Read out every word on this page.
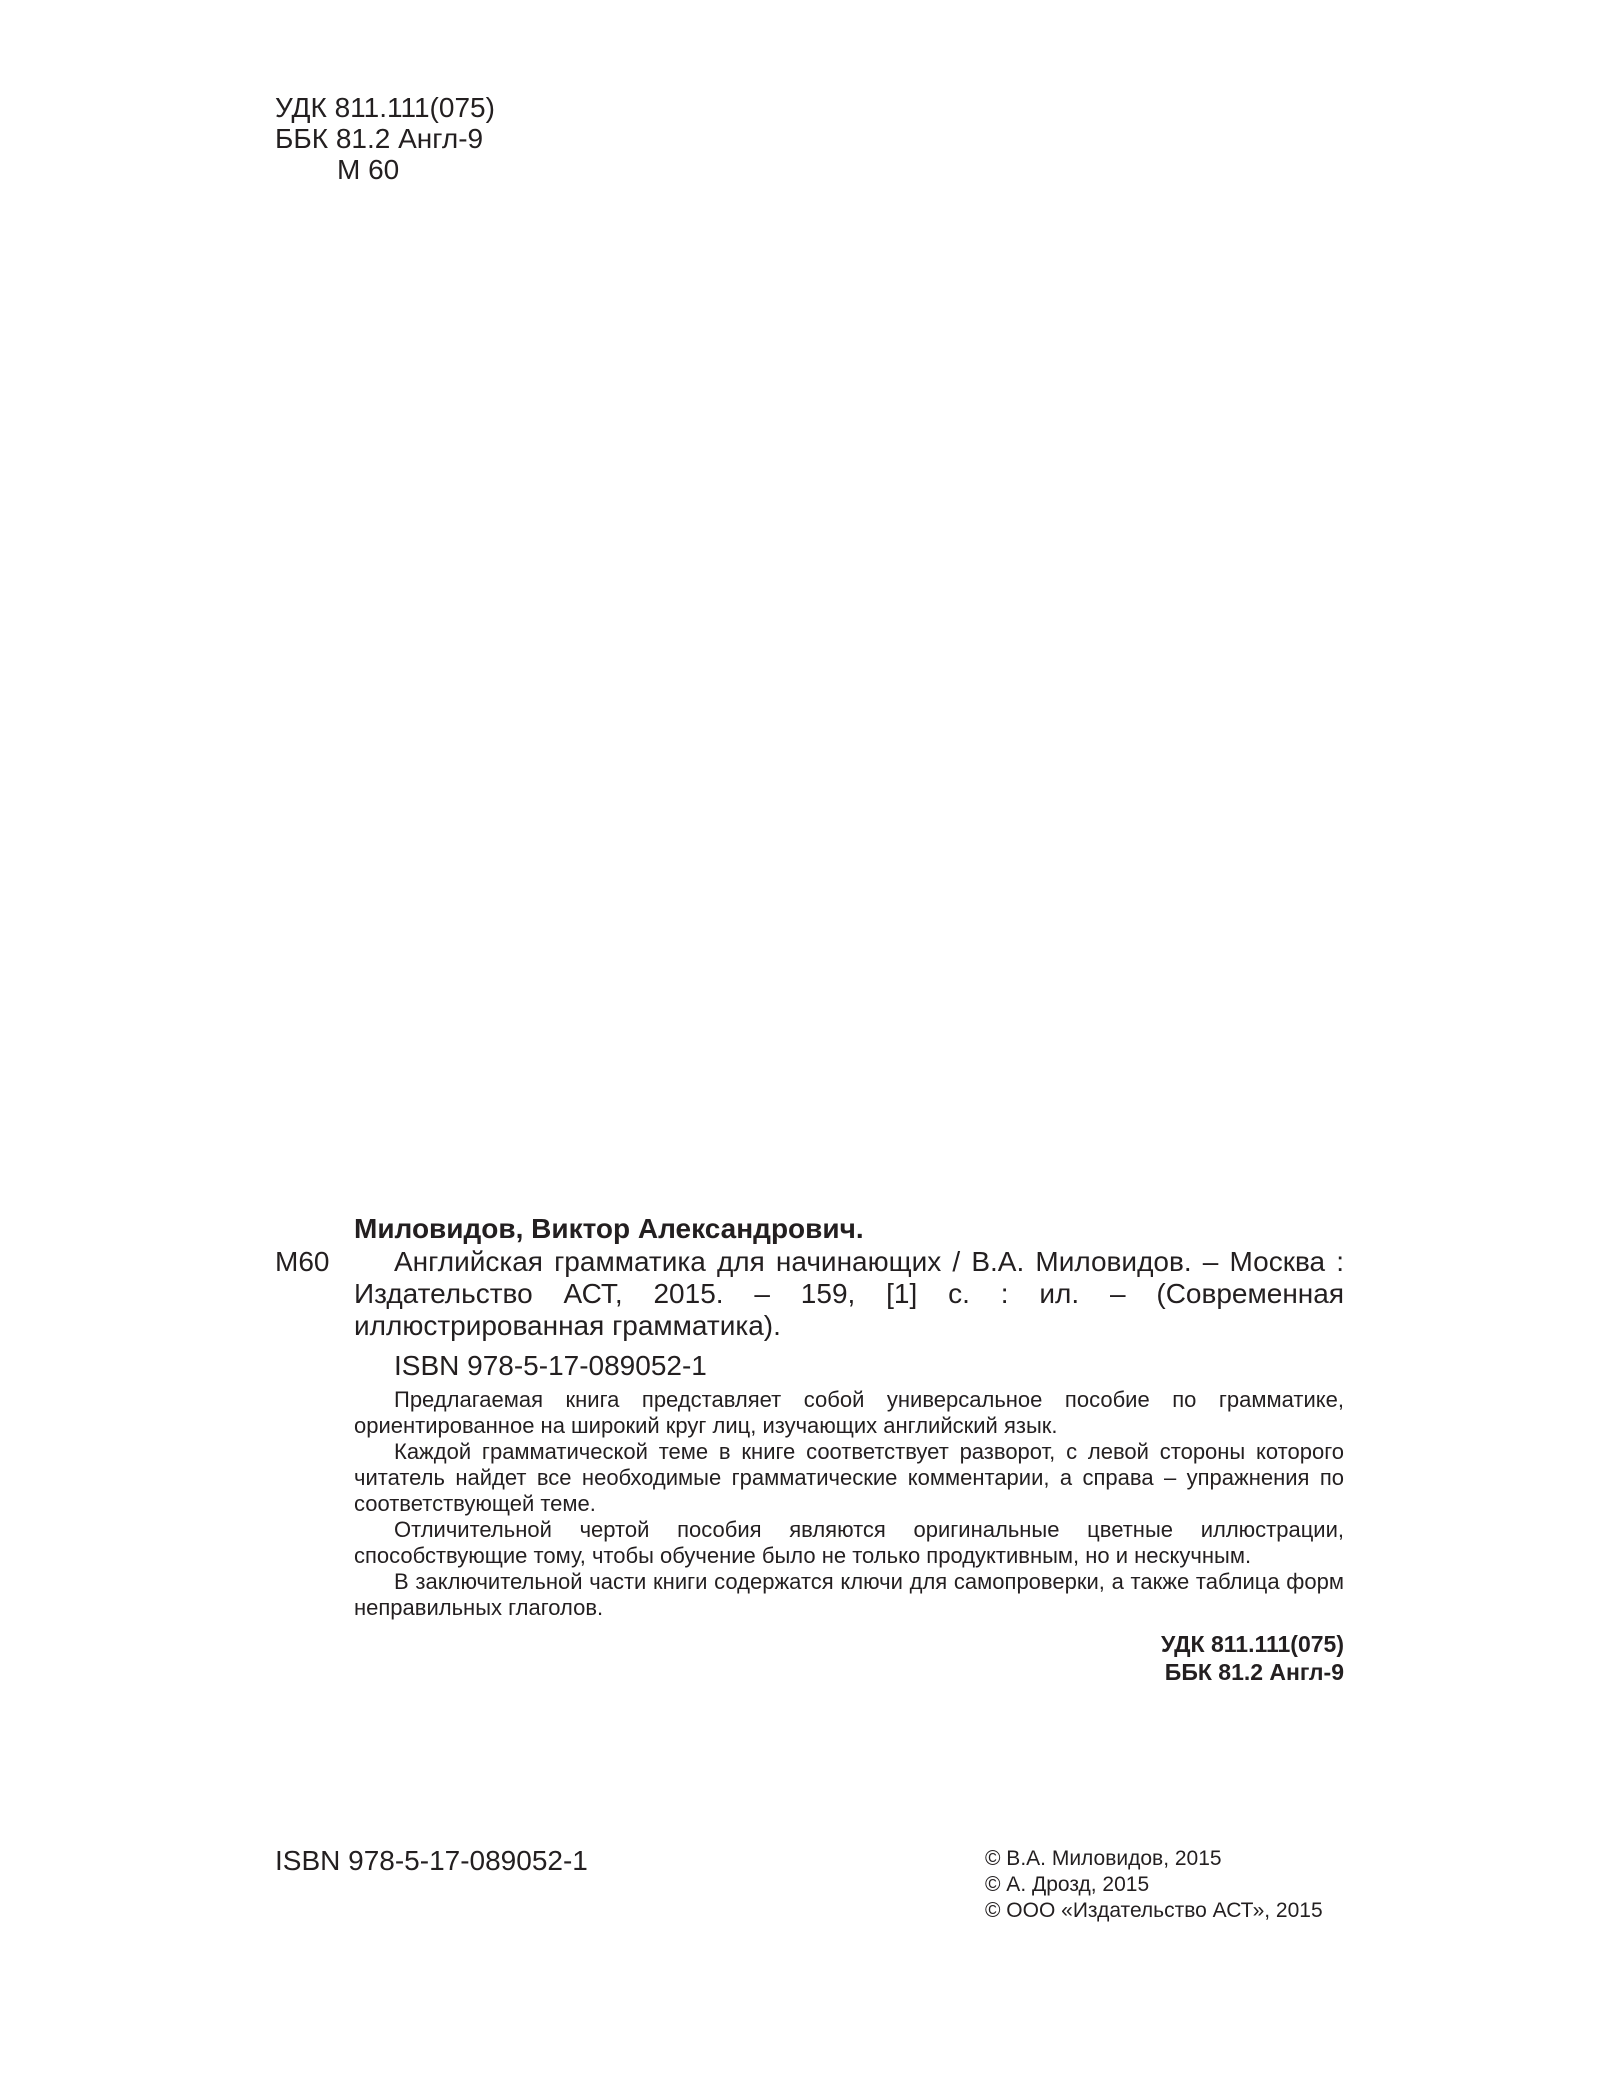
УДК 811.111(075)
ББК 81.2 Англ-9
М 60
Миловидов, Виктор Александрович.
М60	Английская грамматика для начинающих / В.А. Миловидов. – Москва : Издательство АСТ, 2015. – 159, [1] с. : ил. – (Современная иллюстрированная грамматика).
ISBN 978-5-17-089052-1

Предлагаемая книга представляет собой универсальное пособие по грамматике, ориентированное на широкий круг лиц, изучающих английский язык.

Каждой грамматической теме в книге соответствует разворот, с левой стороны которого читатель найдет все необходимые грамматические комментарии, а справа – упражнения по соответствующей теме.

Отличительной чертой пособия являются оригинальные цветные иллюстрации, способствующие тому, чтобы обучение было не только продуктивным, но и нескучным.

В заключительной части книги содержатся ключи для самопроверки, а также таблица форм неправильных глаголов.

УДК 811.111(075)
ББК 81.2 Англ-9
ISBN 978-5-17-089052-1	© В.А. Миловидов, 2015
© А. Дрозд, 2015
© ООО «Издательство АСТ», 2015
